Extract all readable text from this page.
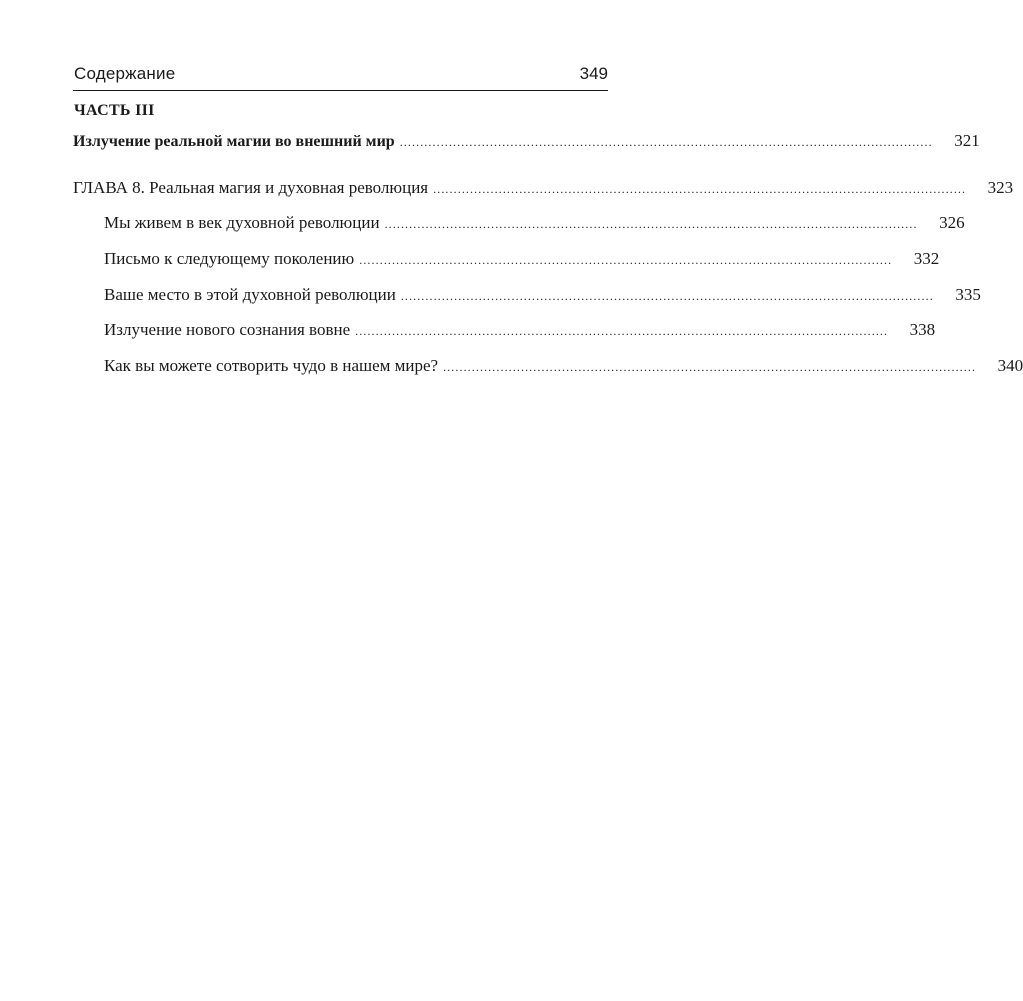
Содержание	349
ЧАСТЬ III
Излучение реальной магии во внешний мир ..................................................................................................................................	321
ГЛАВА 8. Реальная магия и духовная революция ..................................................................................................................................	323
Мы живем в век духовной революции ..................................................................................................................................	326
Письмо к следующему поколению ..................................................................................................................................	332
Ваше место в этой духовной революции ..................................................................................................................................	335
Излучение нового сознания вовне ..................................................................................................................................	338
Как вы можете сотворить чудо в нашем мире? ..................................................................................................................................	340
